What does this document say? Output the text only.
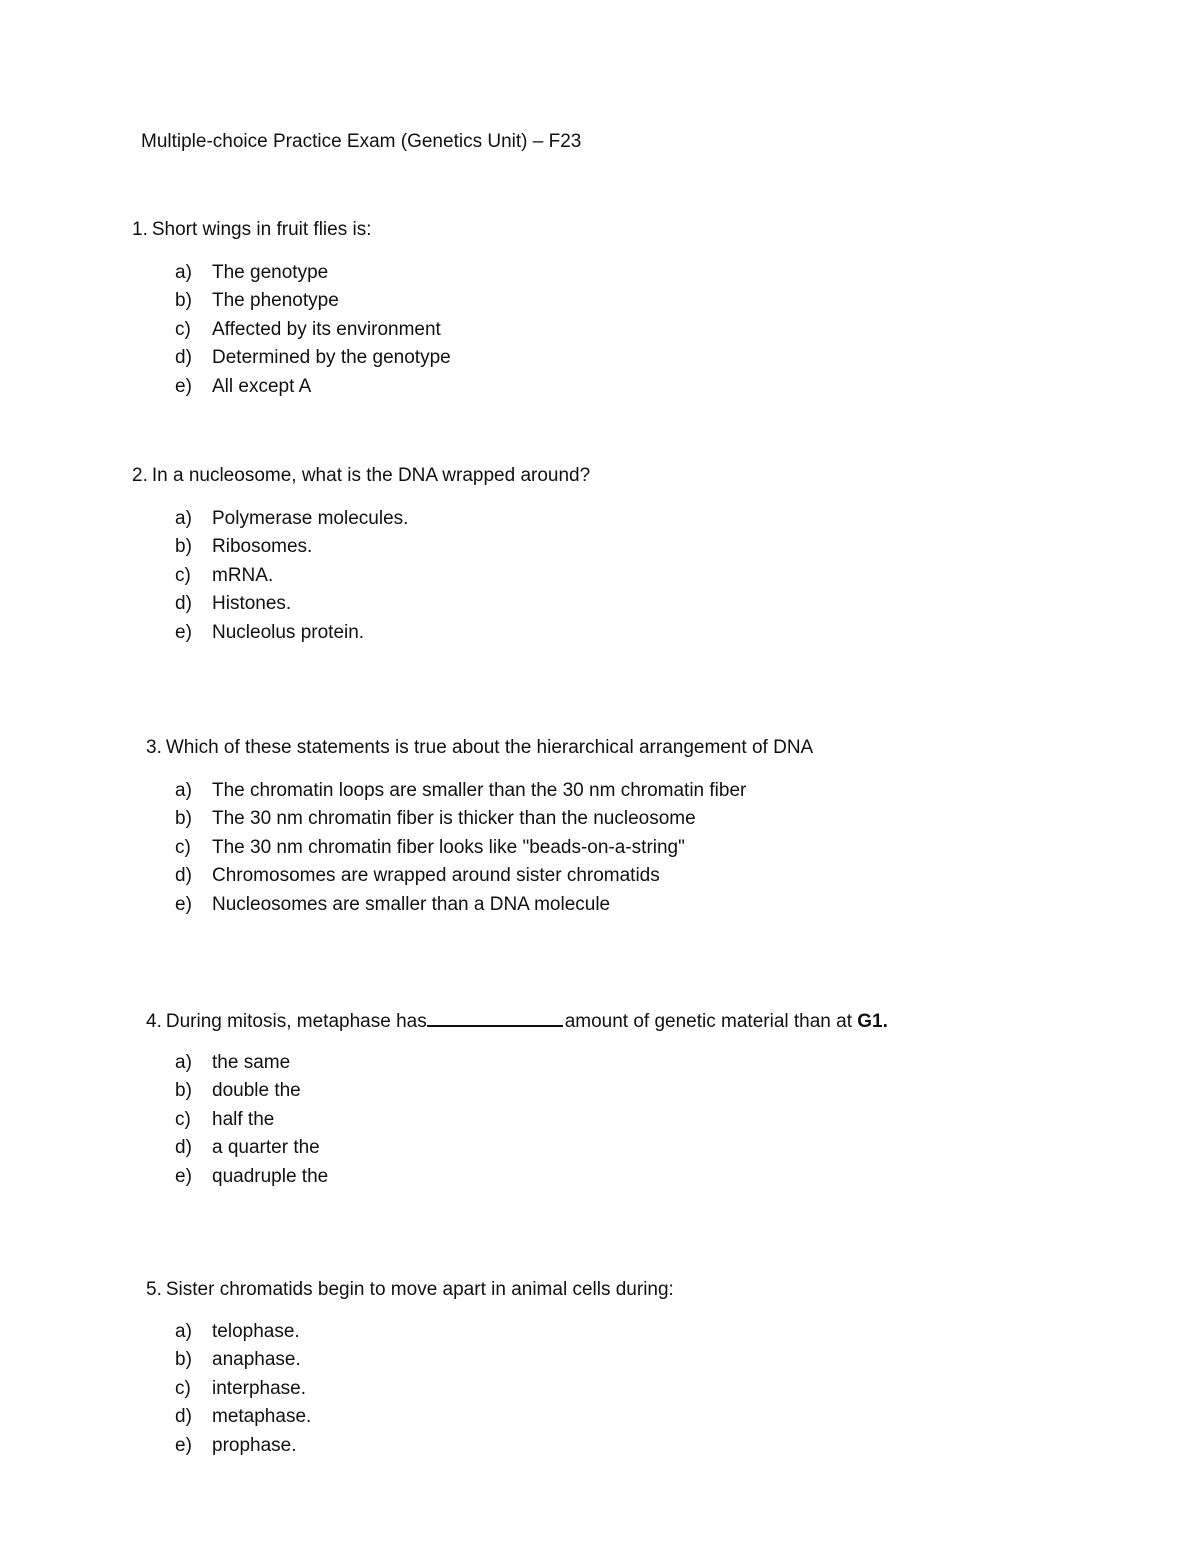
Multiple-choice Practice Exam (Genetics Unit) – F23
1. Short wings in fruit flies is:
a)	The genotype
b)	The phenotype
c)	Affected by its environment
d)	Determined by the genotype
e)	All except A
2. In a nucleosome, what is the DNA wrapped around?
a)	Polymerase molecules.
b)	Ribosomes.
c)	mRNA.
d)	Histones.
e)	Nucleolus protein.
3. Which of these statements is true about the hierarchical arrangement of DNA
a)	The chromatin loops are smaller than the 30 nm chromatin fiber
b)	The 30 nm chromatin fiber is thicker than the nucleosome
c)	The 30 nm chromatin fiber looks like "beads-on-a-string"
d)	Chromosomes are wrapped around sister chromatids
e)	Nucleosomes are smaller than a DNA molecule
4. During mitosis, metaphase has	amount of genetic material than at G1.
a)	the same
b)	double the
c)	half the
d)	a quarter the
e)	quadruple the
5. Sister chromatids begin to move apart in animal cells during:
a)	telophase.
b)	anaphase.
c)	interphase.
d)	metaphase.
e)	prophase.
